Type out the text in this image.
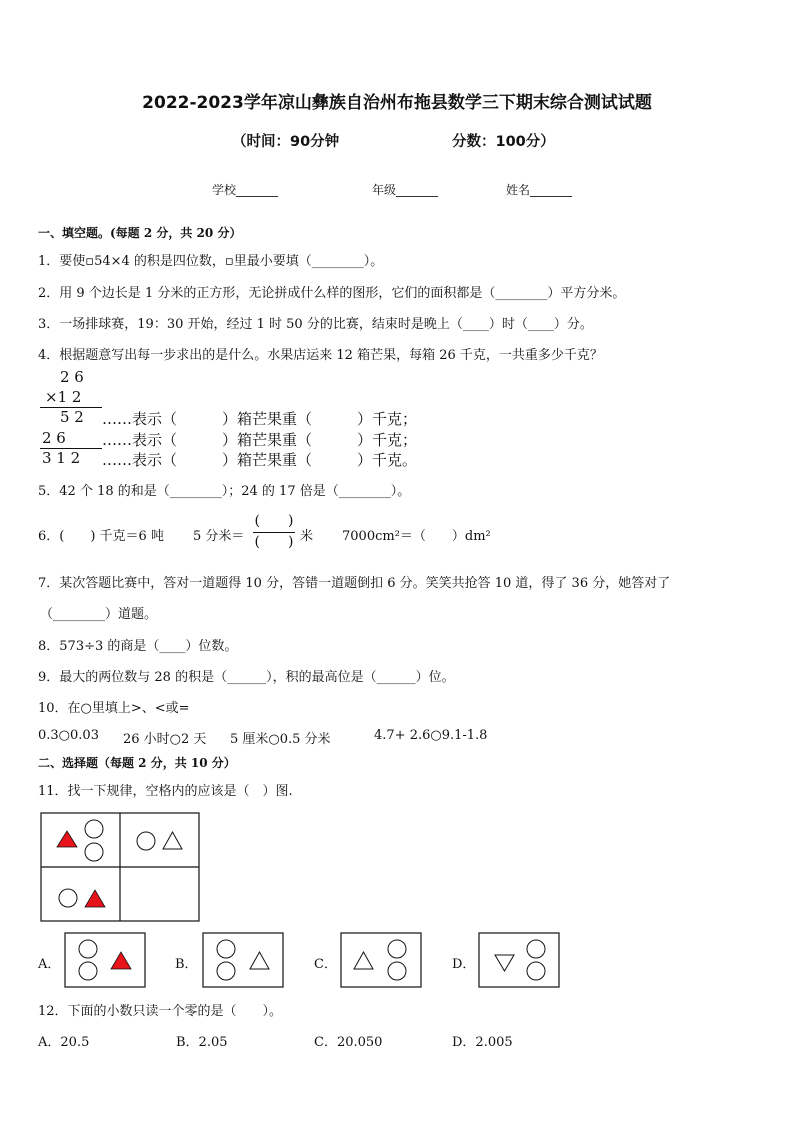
2022-2023学年凉山彝族自治州布拖县数学三下期末综合测试试题
（时间：90分钟	分数：100分）
学校_______	年级_______	姓名_______
一、填空题。(每题 2 分，共 20 分）
1．要使▫54×4 的积是四位数，▫里最小要填（________）。
2．用 9 个边长是 1 分米的正方形，无论拼成什么样的图形，它们的面积都是（________）平方分米。
3．一场排球赛，19：30 开始，经过 1 时 50 分的比赛，结束时是晚上（____）时（____）分。
4．根据题意写出每一步求出的是什么。水果店运来 12 箱芒果，每箱 26 千克，一共重多少千克？
2 6
×1 2
5 2 ……表示（　　　）箱芒果重（　　　）千克；
2 6 ……表示（　　　）箱芒果重（　　　）千克；
3 1 2 ……表示（　　　）箱芒果重（　　　）千克。
5．42 个 18 的和是（________）；24 的 17 倍是（________）。
6．(　　) 千克＝6 吨 5 分米＝
(　　)
(　　) 米 7000cm²＝（　　）dm²
7．某次答题比赛中，答对一道题得 10 分，答错一道题倒扣 6 分。笑笑共抢答 10 道，得了 36 分，她答对了
（________）道题。
8．573÷3 的商是（____）位数。
9．最大的两位数与 28 的积是（______），积的最高位是（______）位。
10．在○里填上>、<或=
0.3○0.03 26 小时○2 天 5 厘米○0.5 分米	4.7+ 2.6○9.1-1.8
二、选择题（每题 2 分，共 10 分）
11．找一下规律，空格内的应该是（　）图.
A．	B．	C．	D．
12．下面的小数只读一个零的是（　　）。
A．20.5	B．2.05	C．20.050	D．2.005
